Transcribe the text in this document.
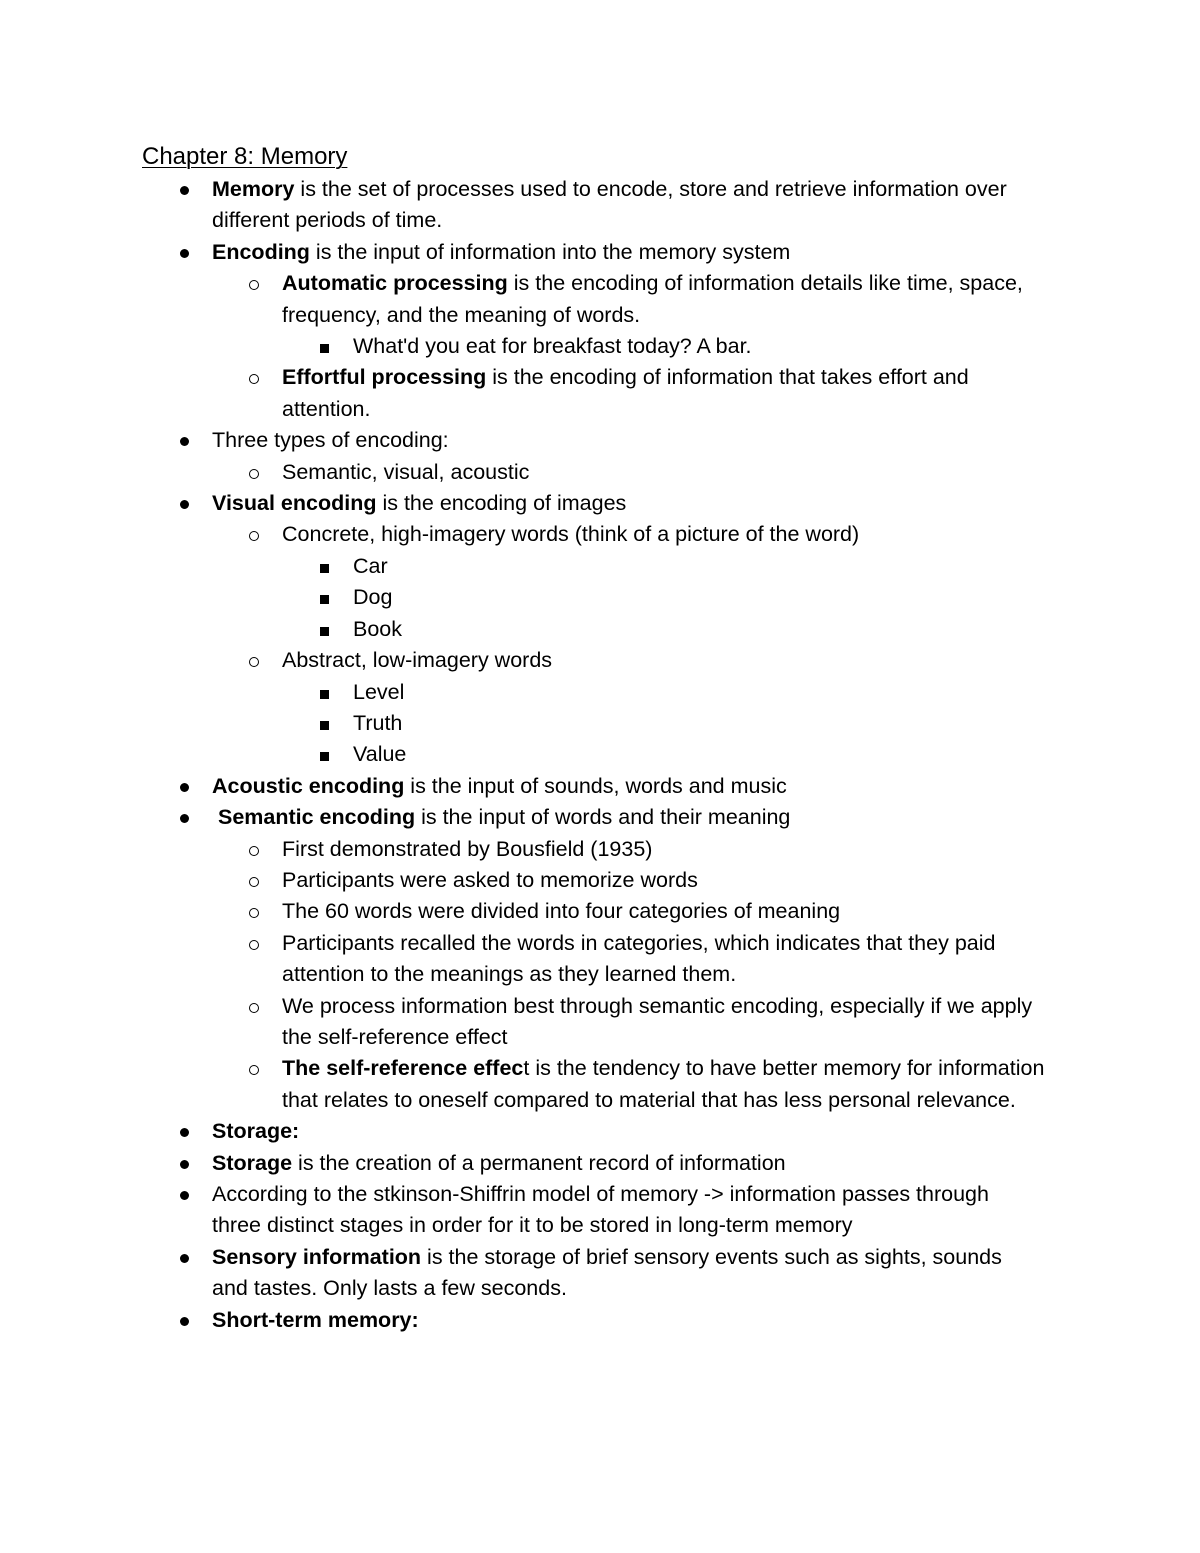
Chapter 8: Memory
Memory is the set of processes used to encode, store and retrieve information over different periods of time.
Encoding is the input of information into the memory system
Automatic processing is the encoding of information details like time, space, frequency, and the meaning of words.
What'd you eat for breakfast today? A bar.
Effortful processing is the encoding of information that takes effort and attention.
Three types of encoding:
Semantic, visual, acoustic
Visual encoding is the encoding of images
Concrete, high-imagery words (think of a picture of the word)
Car
Dog
Book
Abstract, low-imagery words
Level
Truth
Value
Acoustic encoding is the input of sounds, words and music
Semantic encoding is the input of words and their meaning
First demonstrated by Bousfield (1935)
Participants were asked to memorize words
The 60 words were divided into four categories of meaning
Participants recalled the words in categories, which indicates that they paid attention to the meanings as they learned them.
We process information best through semantic encoding, especially if we apply the self-reference effect
The self-reference effect is the tendency to have better memory for information that relates to oneself compared to material that has less personal relevance.
Storage:
Storage is the creation of a permanent record of information
According to the stkinson-Shiffrin model of memory -> information passes through three distinct stages in order for it to be stored in long-term memory
Sensory information is the storage of brief sensory events such as sights, sounds and tastes. Only lasts a few seconds.
Short-term memory:
